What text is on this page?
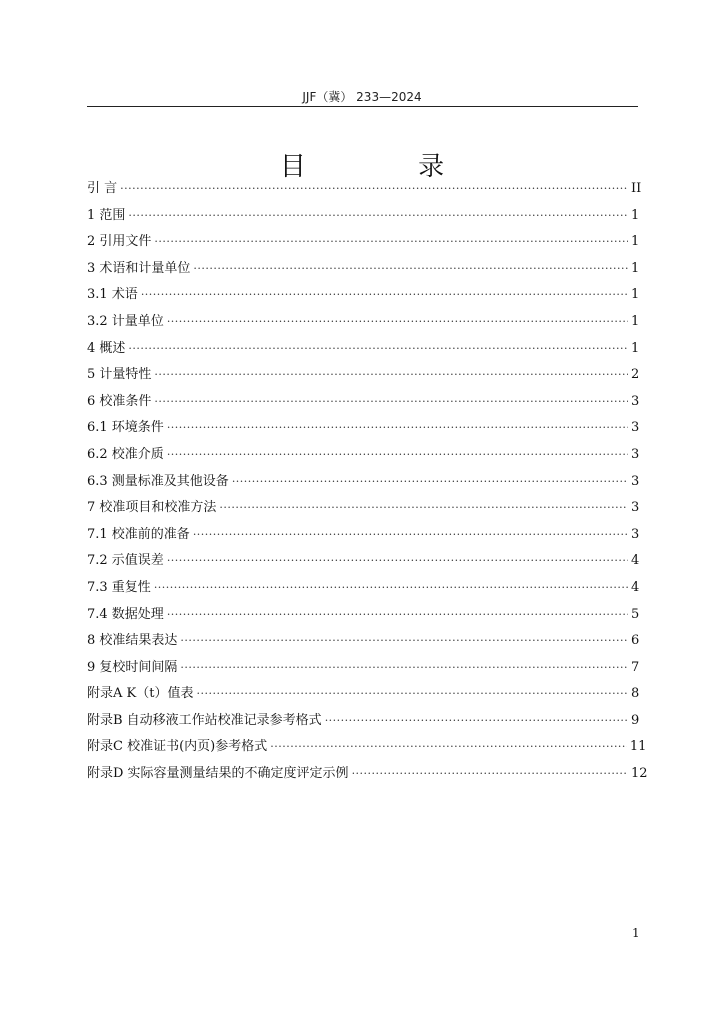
JJF（冀） 233—2024
目 录
引 言 ·····	II
1 范围 ·····	1
2 引用文件 ·····	1
3 术语和计量单位 ·····	1
3.1 术语 ·····	1
3.2 计量单位 ·····	1
4 概述 ·····	1
5 计量特性 ·····	2
6 校准条件 ·····	3
6.1 环境条件 ·····	3
6.2 校准介质 ·····	3
6.3 测量标准及其他设备 ·····	3
7 校准项目和校准方法 ·····	3
7.1 校准前的准备 ·····	3
7.2 示值误差 ·····	4
7.3 重复性 ·····	4
7.4 数据处理 ·····	5
8 校准结果表达 ·····	6
9 复校时间间隔 ·····	7
附录A K（t）值表 ·····	8
附录B 自动移液工作站校准记录参考格式 ·····	9
附录C 校准证书(内页)参考格式 ·····	11
附录D 实际容量测量结果的不确定度评定示例 ·····	12
1
